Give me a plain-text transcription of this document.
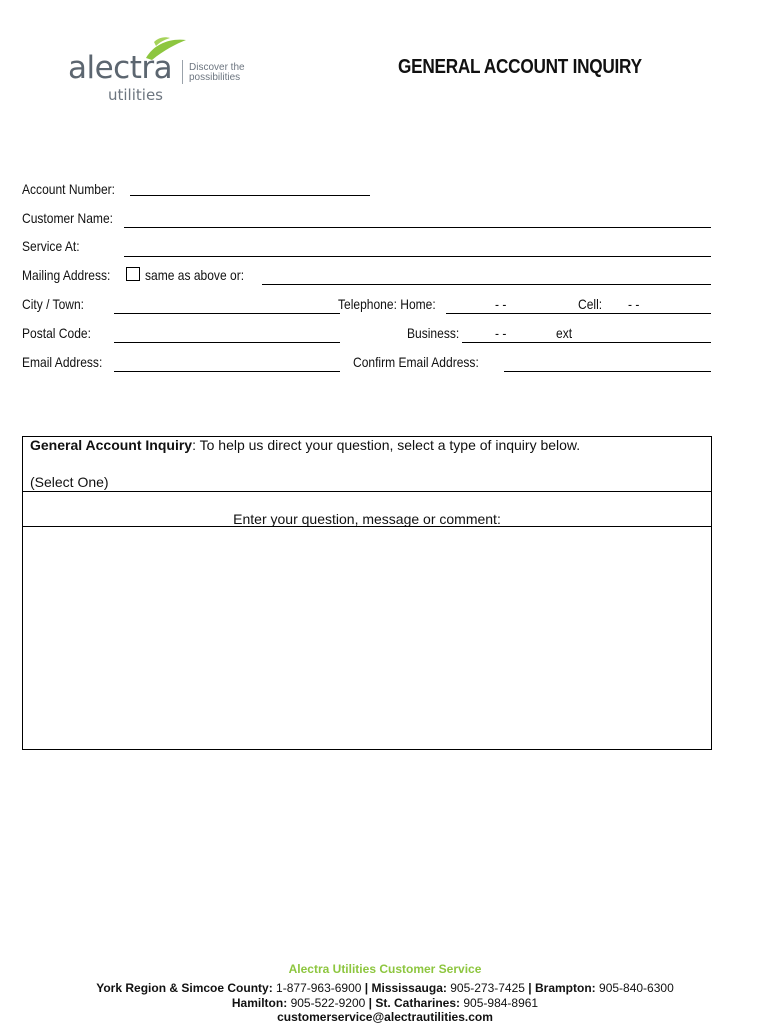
alectra
utilities
Discover the
possibilities	GENERAL ACCOUNT INQUIRY
Account Number:
Customer Name:
Service At:
Mailing Address: same as above or:
City / Town:	Telephone: Home:	- -	Cell: - -
Postal Code:	Business:	- -	ext
Email Address:	Confirm Email Address:
General Account Inquiry: To help us direct your question, select a type of inquiry below.
(Select One)
Enter your question, message or comment:
Alectra Utilities Customer Service
York Region & Simcoe County: 1-877-963-6900 | Mississauga: 905-273-7425 | Brampton: 905-840-6300
Hamilton: 905-522-9200 | St. Catharines: 905-984-8961
customerservice@alectrautilities.com
